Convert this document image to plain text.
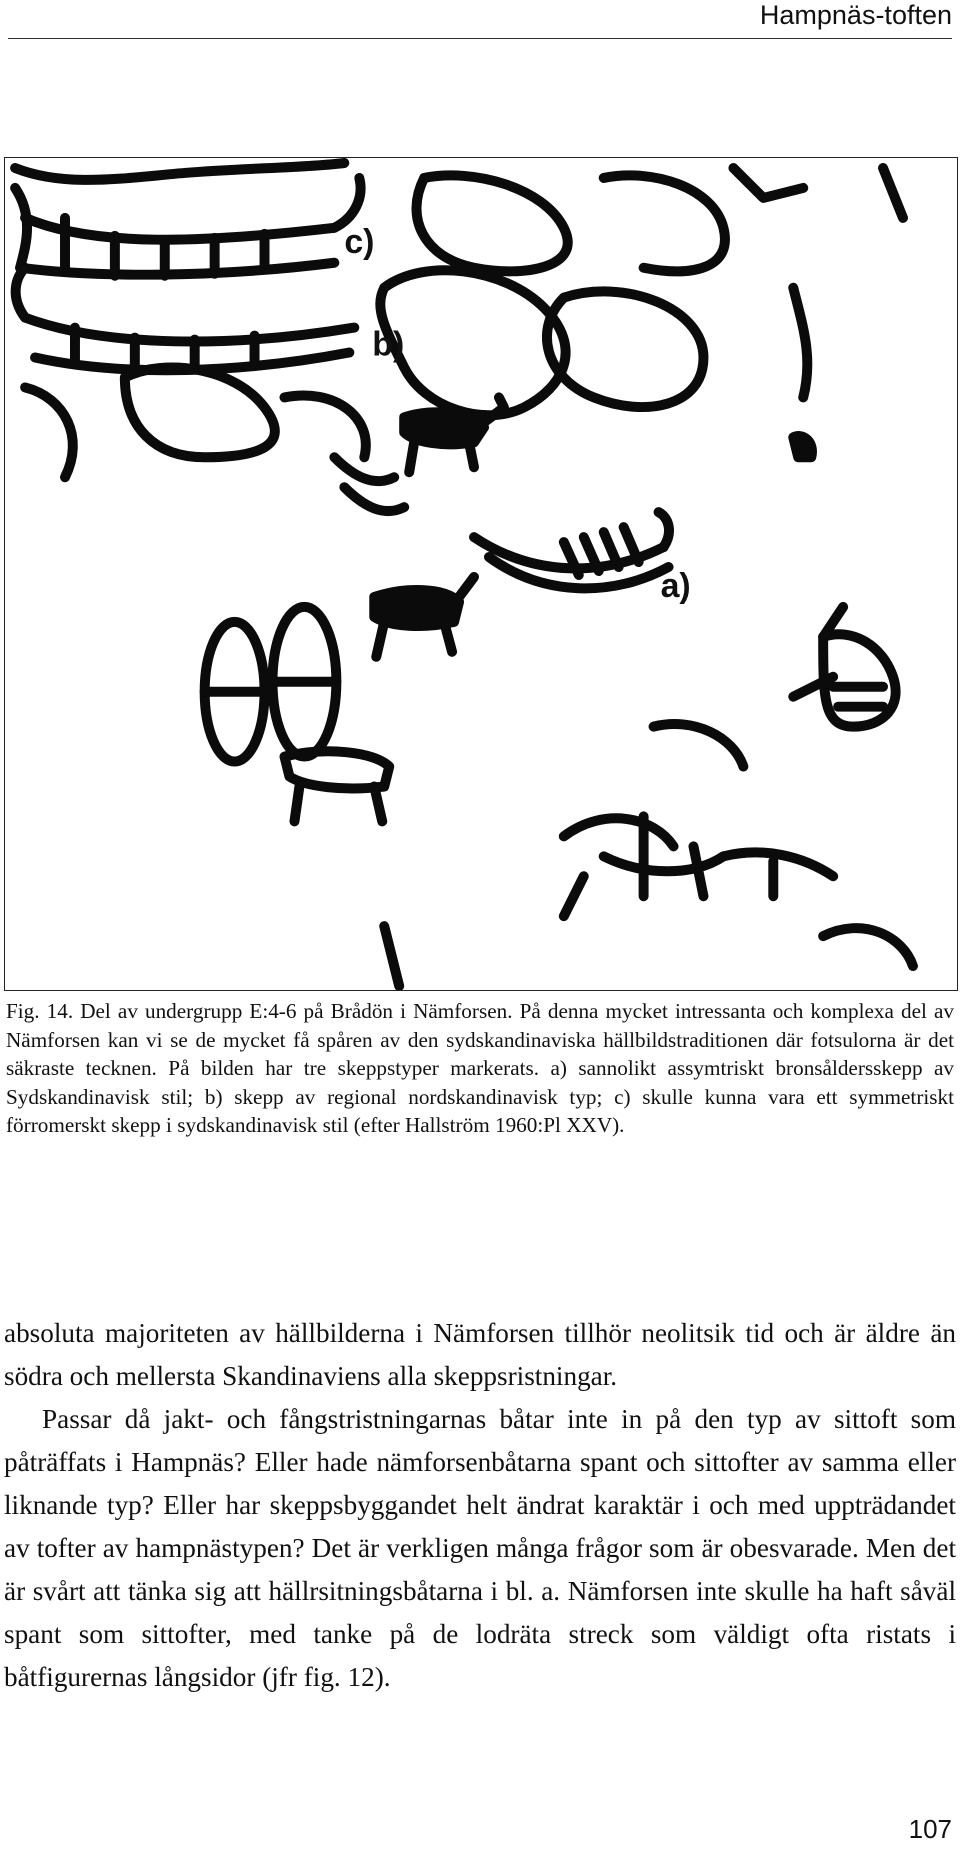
Hampnäs-toften
c)
b)
a)
Fig. 14. Del av undergrupp E:4-6 på Brådön i Nämforsen. På denna mycket intressanta och komplexa del av Nämforsen kan vi se de mycket få spåren av den sydskandinaviska hällbildstraditionen där fotsulorna är det säkraste tecknen. På bilden har tre skeppstyper markerats. a) sannolikt assymtriskt bronsåldersskepp av Sydskandinavisk stil; b) skepp av regional nordskandinavisk typ; c) skulle kunna vara ett symmetriskt förromerskt skepp i sydskandinavisk stil (efter Hallström 1960:Pl XXV).

absoluta majoriteten av hällbilderna i Nämforsen tillhör neolitsik tid och är äldre än södra och mellersta Skandinaviens alla skeppsristningar.

Passar då jakt- och fångstristningarnas båtar inte in på den typ av sittoft som påträffats i Hampnäs? Eller hade nämforsenbåtarna spant och sittofter av samma eller liknande typ? Eller har skeppsbyggandet helt ändrat karaktär i och med uppträdandet av tofter av hampnästypen? Det är verkligen många frågor som är obesvarade. Men det är svårt att tänka sig att hällrsitningsbåtarna i bl. a. Nämforsen inte skulle ha haft såväl spant som sittofter, med tanke på de lodräta streck som väldigt ofta ristats i båtfigurernas långsidor (jfr fig. 12).

107
